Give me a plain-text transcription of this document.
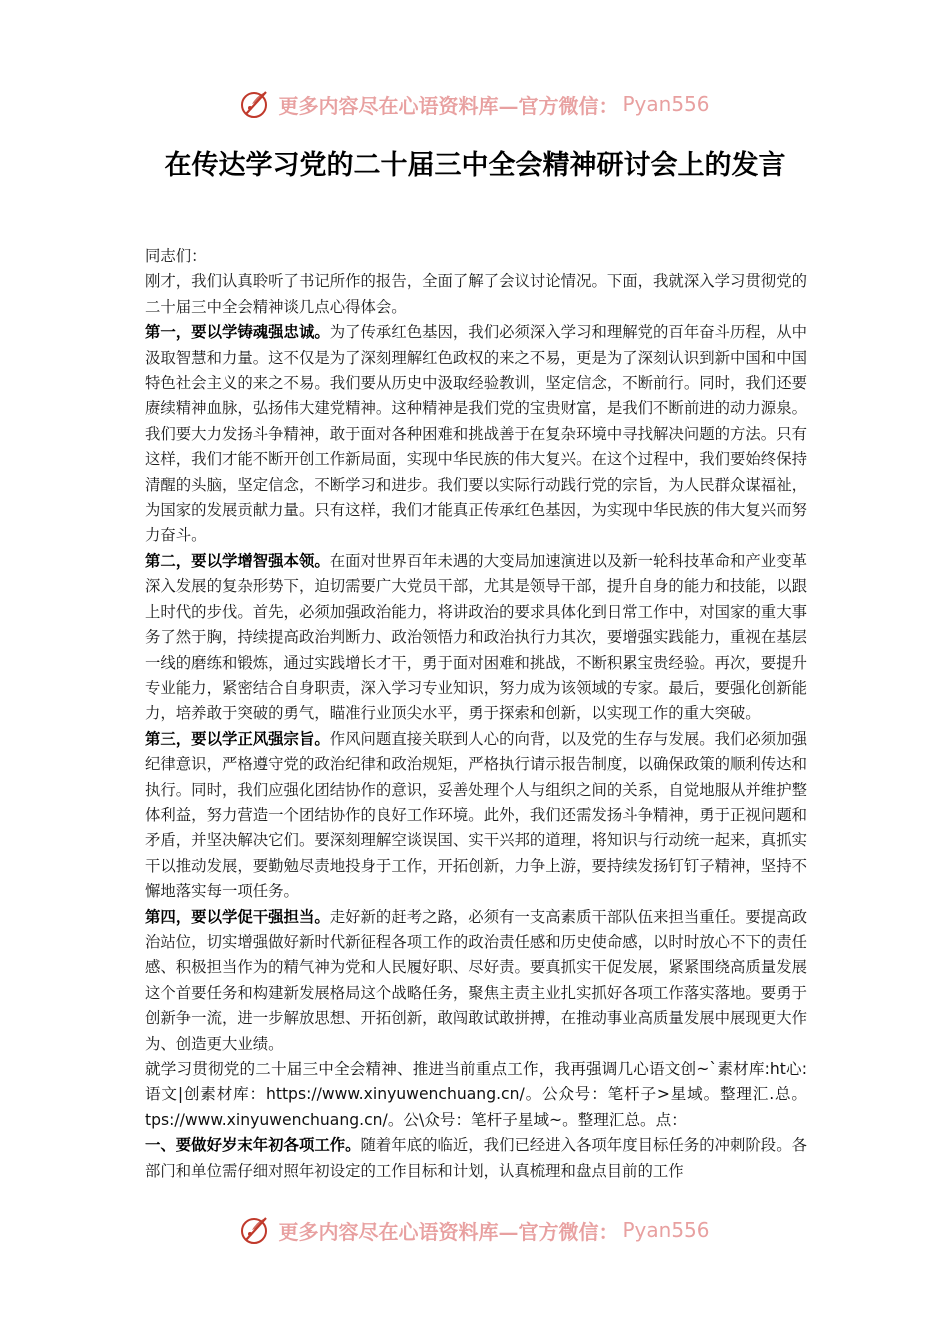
更多内容尽在心语资料库—官方微信： Pyan556
在传达学习党的二十届三中全会精神研讨会上的发言

同志们：

刚才，我们认真聆听了书记所作的报告，全面了解了会议讨论情况。下面，我就深入学习贯彻党的二十届三中全会精神谈几点心得体会。

第一，要以学铸魂强忠诚。为了传承红色基因，我们必须深入学习和理解党的百年奋斗历程，从中汲取智慧和力量。这不仅是为了深刻理解红色政权的来之不易，更是为了深刻认识到新中国和中国特色社会主义的来之不易。我们要从历史中汲取经验教训，坚定信念，不断前行。同时，我们还要赓续精神血脉，弘扬伟大建党精神。这种精神是我们党的宝贵财富，是我们不断前进的动力源泉。我们要大力发扬斗争精神，敢于面对各种困难和挑战善于在复杂环境中寻找解决问题的方法。只有这样，我们才能不断开创工作新局面，实现中华民族的伟大复兴。在这个过程中，我们要始终保持清醒的头脑，坚定信念，不断学习和进步。我们要以实际行动践行党的宗旨，为人民群众谋福祉，为国家的发展贡献力量。只有这样，我们才能真正传承红色基因，为实现中华民族的伟大复兴而努力奋斗。

第二，要以学增智强本领。在面对世界百年未遇的大变局加速演进以及新一轮科技革命和产业变革深入发展的复杂形势下，迫切需要广大党员干部，尤其是领导干部，提升自身的能力和技能，以跟上时代的步伐。首先，必须加强政治能力，将讲政治的要求具体化到日常工作中，对国家的重大事务了然于胸，持续提高政治判断力、政治领悟力和政治执行力其次，要增强实践能力，重视在基层一线的磨练和锻炼，通过实践增长才干，勇于面对困难和挑战，不断积累宝贵经验。再次，要提升专业能力，紧密结合自身职责，深入学习专业知识，努力成为该领域的专家。最后，要强化创新能力，培养敢于突破的勇气，瞄准行业顶尖水平，勇于探索和创新，以实现工作的重大突破。

第三，要以学正风强宗旨。作风问题直接关联到人心的向背，以及党的生存与发展。我们必须加强纪律意识，严格遵守党的政治纪律和政治规矩，严格执行请示报告制度，以确保政策的顺利传达和执行。同时，我们应强化团结协作的意识，妥善处理个人与组织之间的关系，自觉地服从并维护整体利益，努力营造一个团结协作的良好工作环境。此外，我们还需发扬斗争精神，勇于正视问题和矛盾，并坚决解决它们。要深刻理解空谈误国、实干兴邦的道理，将知识与行动统一起来，真抓实干以推动发展，要勤勉尽责地投身于工作，开拓创新，力争上游，要持续发扬钉钉子精神，坚持不懈地落实每一项任务。

第四，要以学促干强担当。走好新的赶考之路，必须有一支高素质干部队伍来担当重任。要提高政治站位，切实增强做好新时代新征程各项工作的政治责任感和历史使命感，以时时放心不下的责任感、积极担当作为的精气神为党和人民履好职、尽好责。要真抓实干促发展，紧紧围绕高质量发展这个首要任务和构建新发展格局这个战略任务，聚焦主责主业扎实抓好各项工作落实落地。要勇于创新争一流，进一步解放思想、开拓创新，敢闯敢试敢拼搏，在推动事业高质量发展中展现更大作为、创造更大业绩。

就学习贯彻党的二十届三中全会精神、推进当前重点工作，我再强调几心语文创~`素材库:ht心:语文|创素材库：https://www.xinyuwenchuang.cn/。公众号：笔杆子>星域。整理汇.总。tps://www.xinyuwenchuang.cn/。公\众号：笔杆子星域~。整理汇总。点：

一、要做好岁末年初各项工作。随着年底的临近，我们已经进入各项年度目标任务的冲刺阶段。各部门和单位需仔细对照年初设定的工作目标和计划，认真梳理和盘点目前的工作

更多内容尽在心语资料库—官方微信： Pyan556
